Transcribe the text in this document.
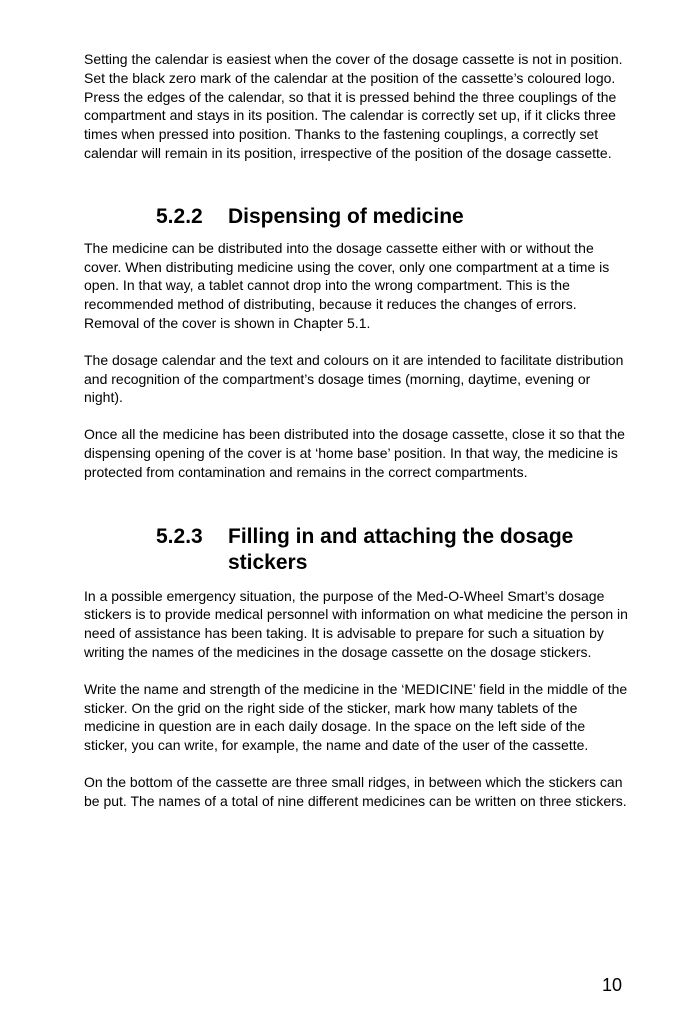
Setting the calendar is easiest when the cover of the dosage cassette is not in position. Set the black zero mark of the calendar at the position of the cassette’s coloured logo. Press the edges of the calendar, so that it is pressed behind the three couplings of the compartment and stays in its position. The calendar is correctly set up, if it clicks three times when pressed into position. Thanks to the fastening couplings, a correctly set calendar will remain in its position, irrespective of the position of the dosage cassette.

5.2.2	Dispensing of medicine

The medicine can be distributed into the dosage cassette either with or without the cover. When distributing medicine using the cover, only one compartment at a time is open. In that way, a tablet cannot drop into the wrong compartment. This is the recommended method of distributing, because it reduces the changes of errors. Removal of the cover is shown in Chapter 5.1.

The dosage calendar and the text and colours on it are intended to facilitate distribution and recognition of the compartment’s dosage times (morning, daytime, evening or night).

Once all the medicine has been distributed into the dosage cassette, close it so that the dispensing opening of the cover is at ‘home base’ position. In that way, the medicine is protected from contamination and remains in the correct compartments.

5.2.3	Filling in and attaching the dosage stickers

In a possible emergency situation, the purpose of the Med-O-Wheel Smart’s dosage stickers is to provide medical personnel with information on what medicine the person in need of assistance has been taking. It is advisable to prepare for such a situation by writing the names of the medicines in the dosage cassette on the dosage stickers.

Write the name and strength of the medicine in the ‘MEDICINE’ field in the middle of the sticker. On the grid on the right side of the sticker, mark how many tablets of the medicine in question are in each daily dosage. In the space on the left side of the sticker, you can write, for example, the name and date of the user of the cassette.

On the bottom of the cassette are three small ridges, in between which the stickers can be put. The names of a total of nine different medicines can be written on three stickers.

10
